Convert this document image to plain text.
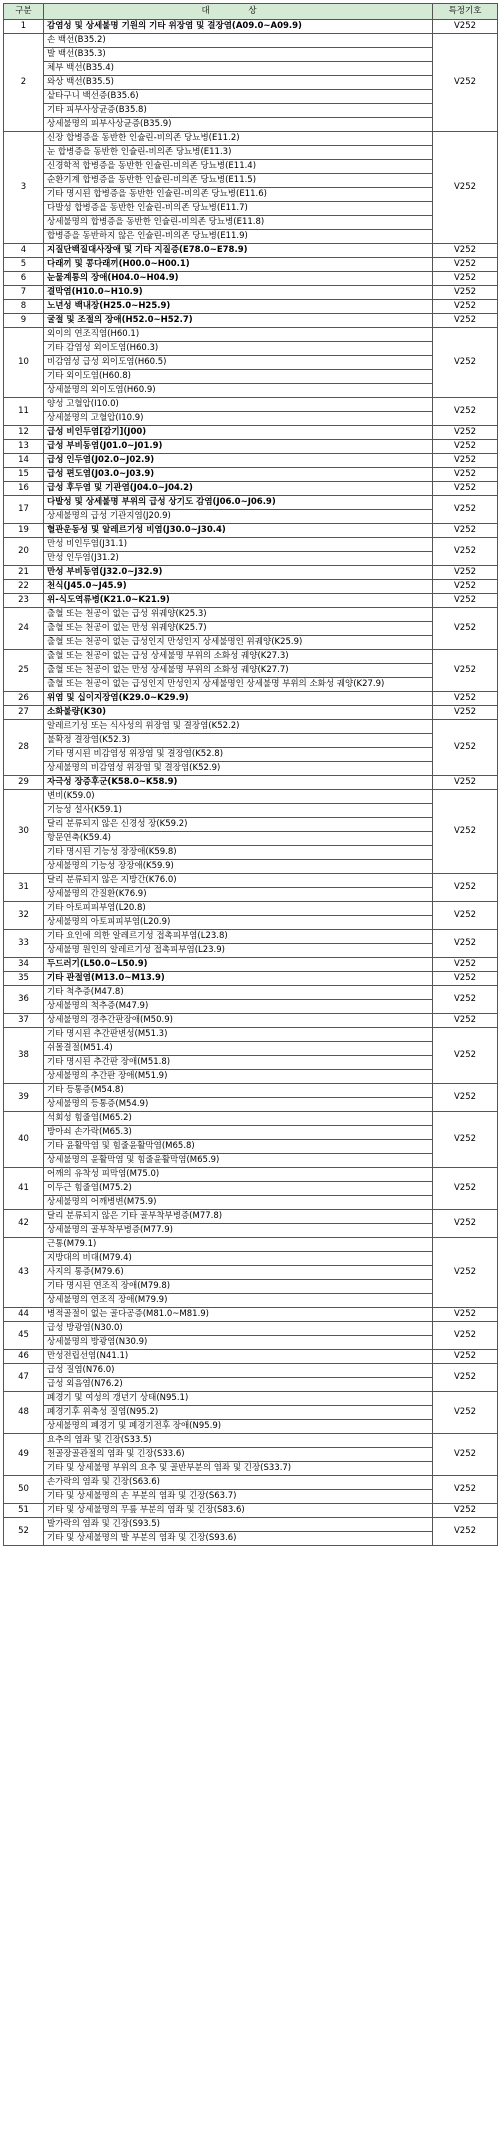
구분	대 상	특정기호
1	감염성 및 상세불명 기원의 기타 위장염 및 결장염(A09.0~A09.9)	V252
2	손 백선(B35.2)	V252
	발 백선(B35.3)	
	체부 백선(B35.4)	
	와상 백선(B35.5)	
	샅타구니 백선증(B35.6)	
	기타 피부사상균증(B35.8)	
	상세불명의 피부사상균증(B35.9)	
3	신장 합병증을 동반한 인슐린-비의존 당뇨병(E11.2)	V252
	눈 합병증을 동반한 인슐린-비의존 당뇨병(E11.3)	
	신경학적 합병증을 동반한 인슐린-비의존 당뇨병(E11.4)	
	순환기계 합병증을 동반한 인슐린-비의존 당뇨병(E11.5)	
	기타 명시된 합병증을 동반한 인슐린-비의존 당뇨병(E11.6)	
	다발성 합병증을 동반한 인슐린-비의존 당뇨병(E11.7)	
	상세불명의 합병증을 동반한 인슐린-비의존 당뇨병(E11.8)	
	합병증을 동반하지 않은 인슐린-비의존 당뇨병(E11.9)	
4	지질단백질대사장애 및 기타 지질증(E78.0~E78.9)	V252
5	다래끼 및 콩다래끼(H00.0~H00.1)	V252
6	눈물계통의 장애(H04.0~H04.9)	V252
7	결막염(H10.0~H10.9)	V252
8	노년성 백내장(H25.0~H25.9)	V252
9	굴절 및 조절의 장애(H52.0~H52.7)	V252
10	외이의 연조직염(H60.1)	V252
	기타 감염성 외이도염(H60.3)	
	비감염성 급성 외이도염(H60.5)	
	기타 외이도염(H60.8)	
	상세불명의 외이도염(H60.9)	
11	양성 고혈압(I10.0)	V252
	상세불명의 고혈압(I10.9)	
12	급성 비인두염[감기](J00)	V252
13	급성 부비동염(J01.0~J01.9)	V252
14	급성 인두염(J02.0~J02.9)	V252
15	급성 편도염(J03.0~J03.9)	V252
16	급성 후두염 및 기관염(J04.0~J04.2)	V252
17	다발성 및 상세불명 부위의 급성 상기도 감염(J06.0~J06.9)	V252
	상세불명의 급성 기관지염(J20.9)	
19	혈관운동성 및 알레르기성 비염(J30.0~J30.4)	V252
20	만성 비인두염(J31.1)	V252
	만성 인두염(J31.2)	
21	만성 부비동염(J32.0~J32.9)	V252
22	천식(J45.0~J45.9)	V252
23	위-식도역류병(K21.0~K21.9)	V252
24	출혈 또는 천공이 없는 급성 위궤양(K25.3)	V252
	출혈 또는 천공이 없는 만성 위궤양(K25.7)	
	출혈 또는 천공이 없는 급성인지 만성인지 상세불명인 위궤양(K25.9)	
25	출혈 또는 천공이 없는 급성 상세불명 부위의 소화성 궤양(K27.3)	V252
	출혈 또는 천공이 없는 만성 상세불명 부위의 소화성 궤양(K27.7)	
	출혈 또는 천공이 없는 급성인지 만성인지 상세불명인 상세불명 부위의 소화성 궤양(K27.9)	
26	위염 및 십이지장염(K29.0~K29.9)	V252
27	소화불량(K30)	V252
28	알레르기성 또는 식사성의 위장염 및 결장염(K52.2)	V252
	불확정 결장염(K52.3)	
	기타 명시된 비감염성 위장염 및 결장염(K52.8)	
	상세불명의 비감염성 위장염 및 결장염(K52.9)	
29	자극성 장증후군(K58.0~K58.9)	V252
30	변비(K59.0)	V252
	기능성 설사(K59.1)	
	달리 분류되지 않은 신경성 장(K59.2)	
	항문연축(K59.4)	
	기타 명시된 기능성 장장애(K59.8)	
	상세불명의 기능성 장장애(K59.9)	
31	달리 분류되지 않은 지방간(K76.0)	V252
	상세불명의 간질환(K76.9)	
32	기타 아토피피부염(L20.8)	V252
	상세불명의 아토피피부염(L20.9)	
33	기타 요인에 의한 알레르기성 접촉피부염(L23.8)	V252
	상세불명 원인의 알레르기성 접촉피부염(L23.9)	
34	두드러기(L50.0~L50.9)	V252
35	기타 관절염(M13.0~M13.9)	V252
36	기타 척추증(M47.8)	V252
	상세불명의 척추증(M47.9)	
37	상세불명의 경추간판장애(M50.9)	V252
38	기타 명시된 추간판변성(M51.3)	V252
	쉬몰결절(M51.4)	
	기타 명시된 추간판 장애(M51.8)	
	상세불명의 추간판 장애(M51.9)	
39	기타 등통증(M54.8)	V252
	상세불명의 등통증(M54.9)	
40	석회성 힘줄염(M65.2)	V252
	방아쇠 손가락(M65.3)	
	기타 윤활막염 및 힘줄윤활막염(M65.8)	
	상세불명의 윤활막염 및 힘줄윤활막염(M65.9)	
41	어깨의 유착성 피막염(M75.0)	V252
	이두근 힘줄염(M75.2)	
	상세불명의 어깨병변(M75.9)	
42	달리 분류되지 않은 기타 골부착부병증(M77.8)	V252
	상세불명의 골부착부병증(M77.9)	
43	근통(M79.1)	V252
	지방대의 비대(M79.4)	
	사지의 통증(M79.6)	
	기타 명시된 연조직 장애(M79.8)	
	상세불명의 연조직 장애(M79.9)	
44	병적골절이 없는 골다공증(M81.0~M81.9)	V252
45	급성 방광염(N30.0)	V252
	상세불명의 방광염(N30.9)	
46	만성전립선염(N41.1)	V252
47	급성 질염(N76.0)	V252
	급성 외음염(N76.2)	
48	폐경기 및 여성의 갱년기 상태(N95.1)	V252
	폐경기후 위축성 질염(N95.2)	
	상세불명의 폐경기 및 폐경기전후 장애(N95.9)	
49	요추의 염좌 및 긴장(S33.5)	V252
	천골장골관절의 염좌 및 긴장(S33.6)	
	기타 및 상세불명 부위의 요추 및 골반부분의 염좌 및 긴장(S33.7)	
50	손가락의 염좌 및 긴장(S63.6)	V252
	기타 및 상세불명의 손 부분의 염좌 및 긴장(S63.7)	
51	기타 및 상세불명의 무릎 부분의 염좌 및 긴장(S83.6)	V252
52	발가락의 염좌 및 긴장(S93.5)	V252
	기타 및 상세불명의 발 부분의 염좌 및 긴장(S93.6)	
